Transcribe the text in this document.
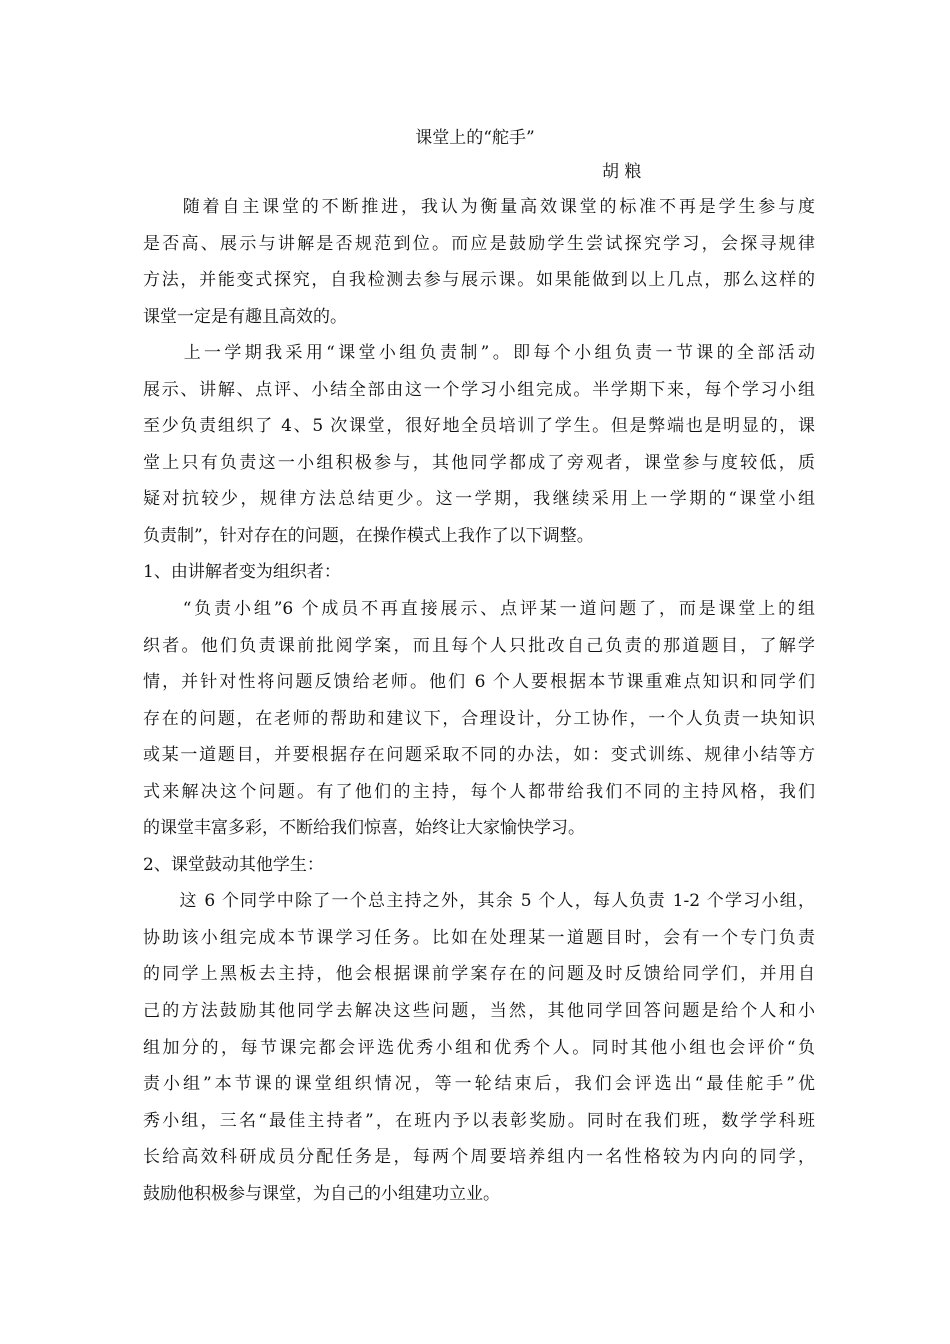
课堂上的“舵手”
胡 粮
　　随着自主课堂的不断推进，我认为衡量高效课堂的标准不再是学生参与度
是否高、展示与讲解是否规范到位。而应是鼓励学生尝试探究学习，会探寻规律
方法，并能变式探究，自我检测去参与展示课。如果能做到以上几点，那么这样的
课堂一定是有趣且高效的。
　　上一学期我采用“课堂小组负责制”。即每个小组负责一节课的全部活动
展示、讲解、点评、小结全部由这一个学习小组完成。半学期下来，每个学习小组
至少负责组织了 4、5 次课堂，很好地全员培训了学生。但是弊端也是明显的，课
堂上只有负责这一小组积极参与，其他同学都成了旁观者，课堂参与度较低，质
疑对抗较少，规律方法总结更少。这一学期，我继续采用上一学期的“课堂小组
负责制”，针对存在的问题，在操作模式上我作了以下调整。
1、由讲解者变为组织者：
　　“负责小组”6 个成员不再直接展示、点评某一道问题了，而是课堂上的组
织者。他们负责课前批阅学案，而且每个人只批改自己负责的那道题目，了解学
情，并针对性将问题反馈给老师。他们 6 个人要根据本节课重难点知识和同学们
存在的问题，在老师的帮助和建议下，合理设计，分工协作，一个人负责一块知识
或某一道题目，并要根据存在问题采取不同的办法，如：变式训练、规律小结等方
式来解决这个问题。有了他们的主持，每个人都带给我们不同的主持风格，我们
的课堂丰富多彩，不断给我们惊喜，始终让大家愉快学习。
2、课堂鼓动其他学生：
　　这 6 个同学中除了一个总主持之外，其余 5 个人，每人负责 1-2 个学习小组，
协助该小组完成本节课学习任务。比如在处理某一道题目时，会有一个专门负责
的同学上黑板去主持，他会根据课前学案存在的问题及时反馈给同学们，并用自
己的方法鼓励其他同学去解决这些问题，当然，其他同学回答问题是给个人和小
组加分的，每节课完都会评选优秀小组和优秀个人。同时其他小组也会评价“负
责小组”本节课的课堂组织情况，等一轮结束后，我们会评选出“最佳舵手”优
秀小组，三名“最佳主持者”，在班内予以表彰奖励。同时在我们班，数学学科班
长给高效科研成员分配任务是，每两个周要培养组内一名性格较为内向的同学，
鼓励他积极参与课堂，为自己的小组建功立业。
